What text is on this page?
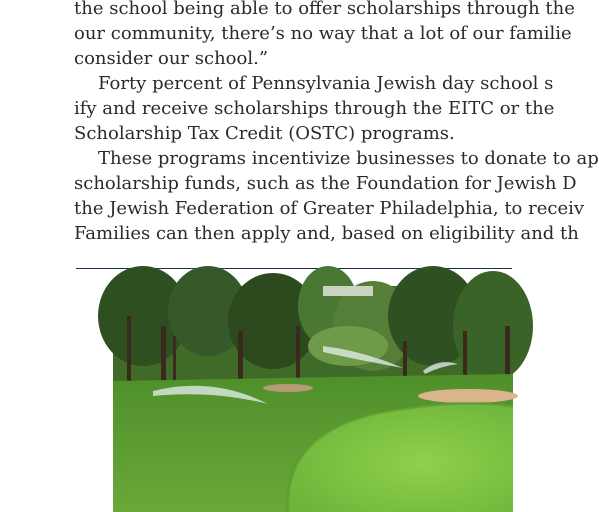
the school being able to offer scholarships through the
our community, there’s no way that a lot of our familie
consider our school.”
Forty percent of Pennsylvania Jewish day school s
ify and receive scholarships through the EITC or the
Scholarship Tax Credit (OSTC) programs.
These programs incentivize businesses to donate to ap
scholarship funds, such as the Foundation for Jewish D
the Jewish Federation of Greater Philadelphia, to receiv
Families can then apply and, based on eligibility and th
